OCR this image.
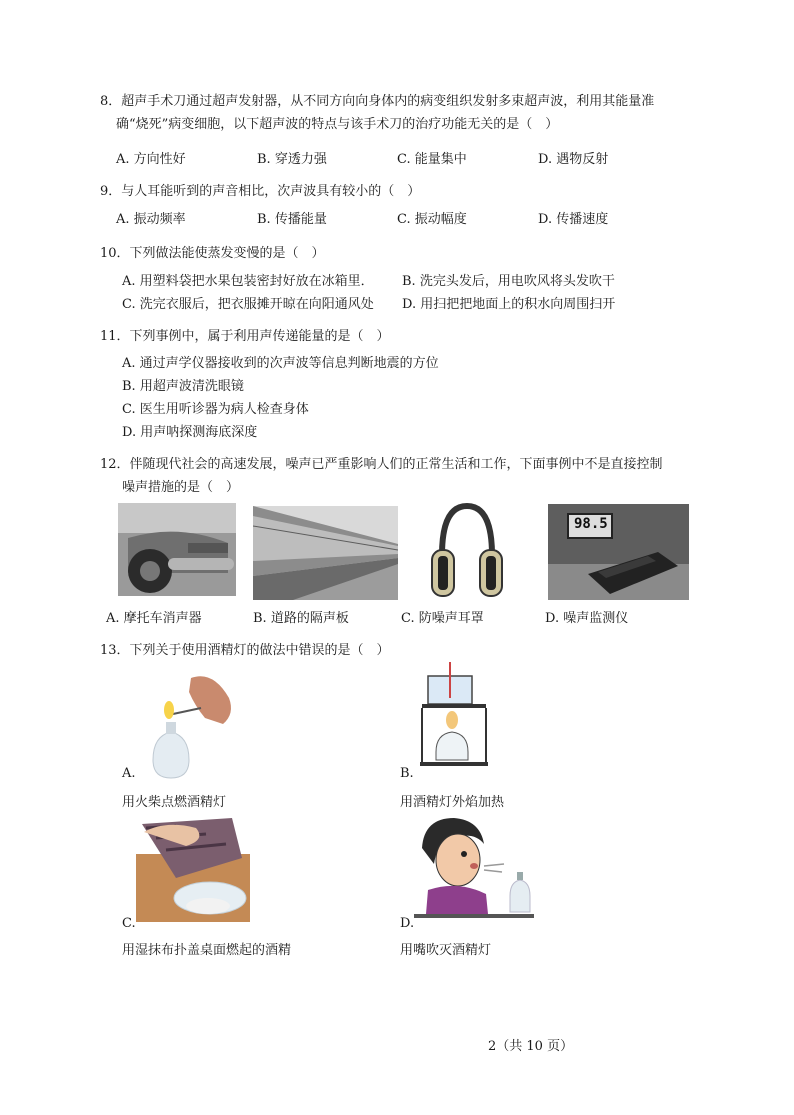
8．超声手术刀通过超声发射器，从不同方向向身体内的病变组织发射多束超声波，利用其能量准
确“烧死”病变细胞，以下超声波的特点与该手术刀的治疗功能无关的是（　）
A. 方向性好	B. 穿透力强	C. 能量集中	D. 遇物反射
9．与人耳能听到的声音相比，次声波具有较小的（　）
A. 振动频率	B. 传播能量	C. 振动幅度	D. 传播速度
10．下列做法能使蒸发变慢的是（　）
A. 用塑料袋把水果包装密封好放在冰箱里． B. 洗完头发后，用电吹风将头发吹干
C. 洗完衣服后，把衣服摊开晾在向阳通风处 D. 用扫把把地面上的积水向周围扫开
11．下列事例中，属于利用声传递能量的是（　）
A. 通过声学仪器接收到的次声波等信息判断地震的方位
B. 用超声波清洗眼镜
C. 医生用听诊器为病人检查身体
D. 用声呐探测海底深度
12．伴随现代社会的高速发展，噪声已严重影响人们的正常生活和工作，下面事例中不是直接控制
噪声措施的是（　）
98.5
A. 摩托车消声器	B. 道路的隔声板	C. 防噪声耳罩	D. 噪声监测仪
13．下列关于使用酒精灯的做法中错误的是（　）
A.
用火柴点燃酒精灯
B.
用酒精灯外焰加热
C.
用湿抹布扑盖桌面燃起的酒精
D.
用嘴吹灭酒精灯
2（共 10 页）
